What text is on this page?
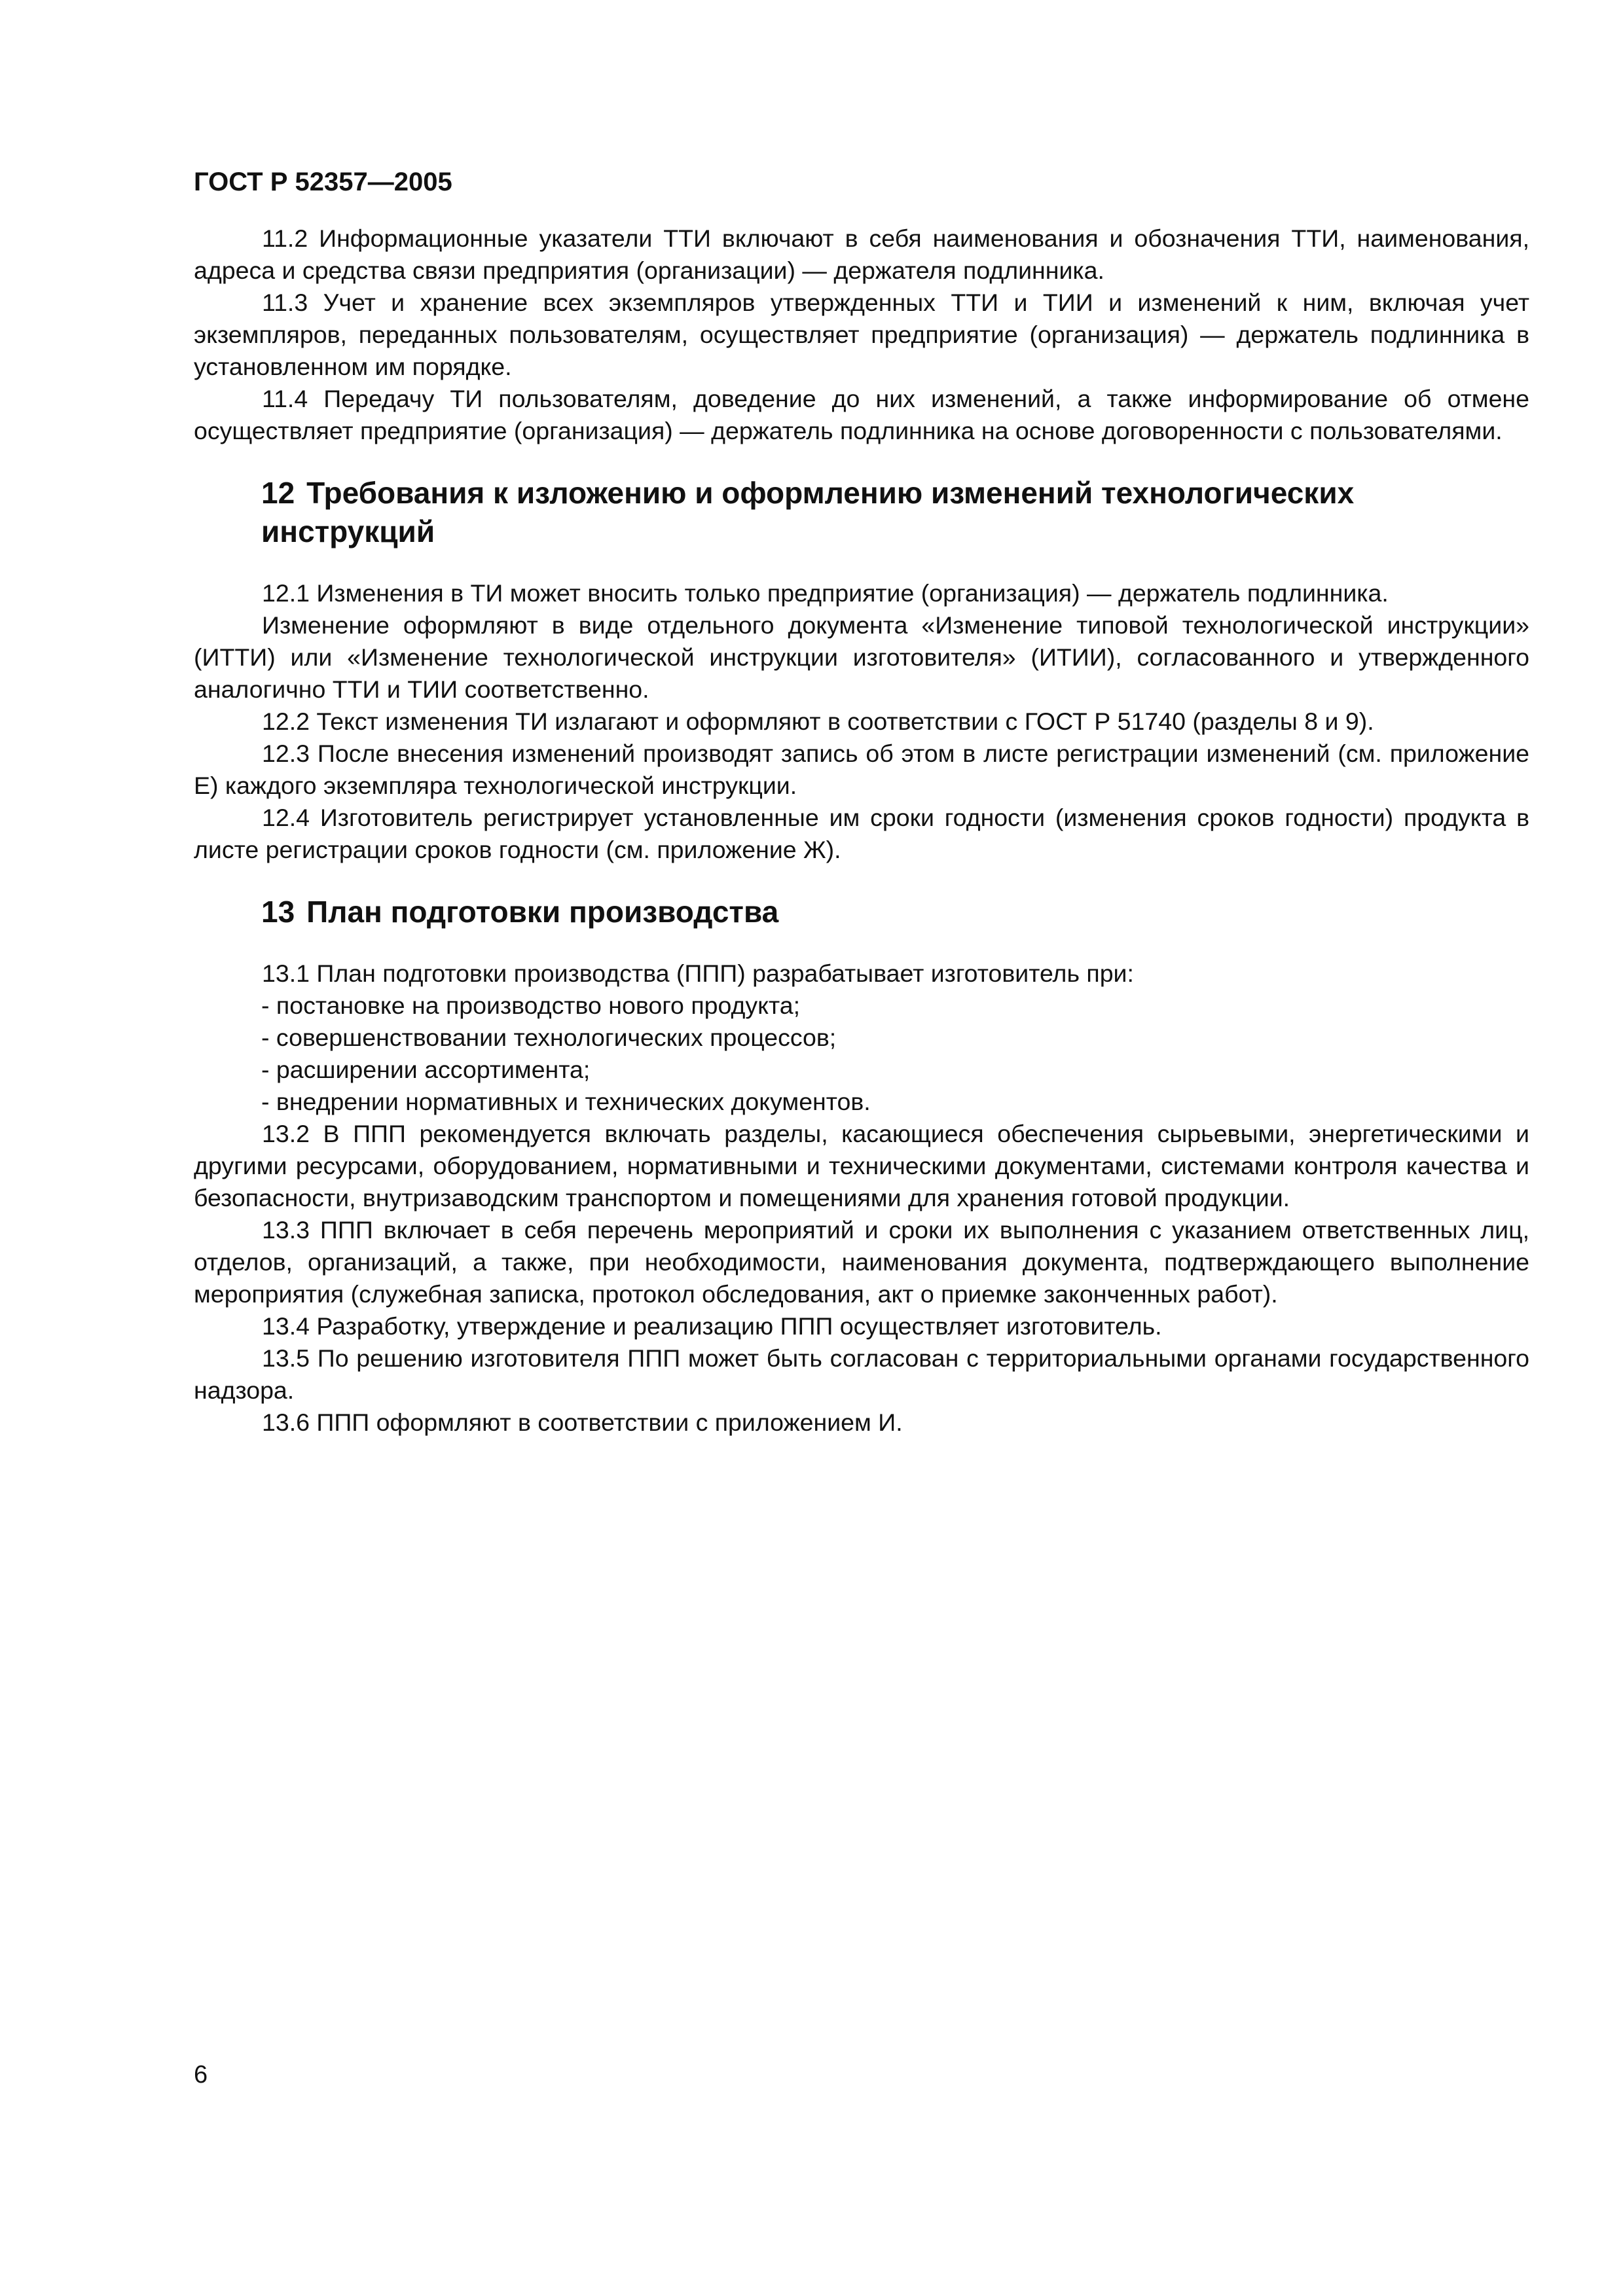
ГОСТ Р 52357—2005

11.2 Информационные указатели ТТИ включают в себя наименования и обозначения ТТИ, наименования, адреса и средства связи предприятия (организации) — держателя подлинника.

11.3 Учет и хранение всех экземпляров утвержденных ТТИ и ТИИ и изменений к ним, включая учет экземпляров, переданных пользователям, осуществляет предприятие (организация) — держатель подлинника в установленном им порядке.

11.4 Передачу ТИ пользователям, доведение до них изменений, а также информирование об отмене осуществляет предприятие (организация) — держатель подлинника на основе договоренности с пользователями.

12 Требования к изложению и оформлению изменений технологических инструкций

12.1 Изменения в ТИ может вносить только предприятие (организация) — держатель подлинника.

Изменение оформляют в виде отдельного документа «Изменение типовой технологической инструкции» (ИТТИ) или «Изменение технологической инструкции изготовителя» (ИТИИ), согласованного и утвержденного аналогично ТТИ и ТИИ соответственно.

12.2 Текст изменения ТИ излагают и оформляют в соответствии с ГОСТ Р 51740 (разделы 8 и 9).

12.3 После внесения изменений производят запись об этом в листе регистрации изменений (см. приложение Е) каждого экземпляра технологической инструкции.

12.4 Изготовитель регистрирует установленные им сроки годности (изменения сроков годности) продукта в листе регистрации сроков годности (см. приложение Ж).

13 План подготовки производства

13.1 План подготовки производства (ППП) разрабатывает изготовитель при:

- постановке на производство нового продукта;

- совершенствовании технологических процессов;

- расширении ассортимента;

- внедрении нормативных и технических документов.

13.2 В ППП рекомендуется включать разделы, касающиеся обеспечения сырьевыми, энергетическими и другими ресурсами, оборудованием, нормативными и техническими документами, системами контроля качества и безопасности, внутризаводским транспортом и помещениями для хранения готовой продукции.

13.3 ППП включает в себя перечень мероприятий и сроки их выполнения с указанием ответственных лиц, отделов, организаций, а также, при необходимости, наименования документа, подтверждающего выполнение мероприятия (служебная записка, протокол обследования, акт о приемке законченных работ).

13.4 Разработку, утверждение и реализацию ППП осуществляет изготовитель.

13.5 По решению изготовителя ППП может быть согласован с территориальными органами государственного надзора.

13.6 ППП оформляют в соответствии с приложением И.

6
